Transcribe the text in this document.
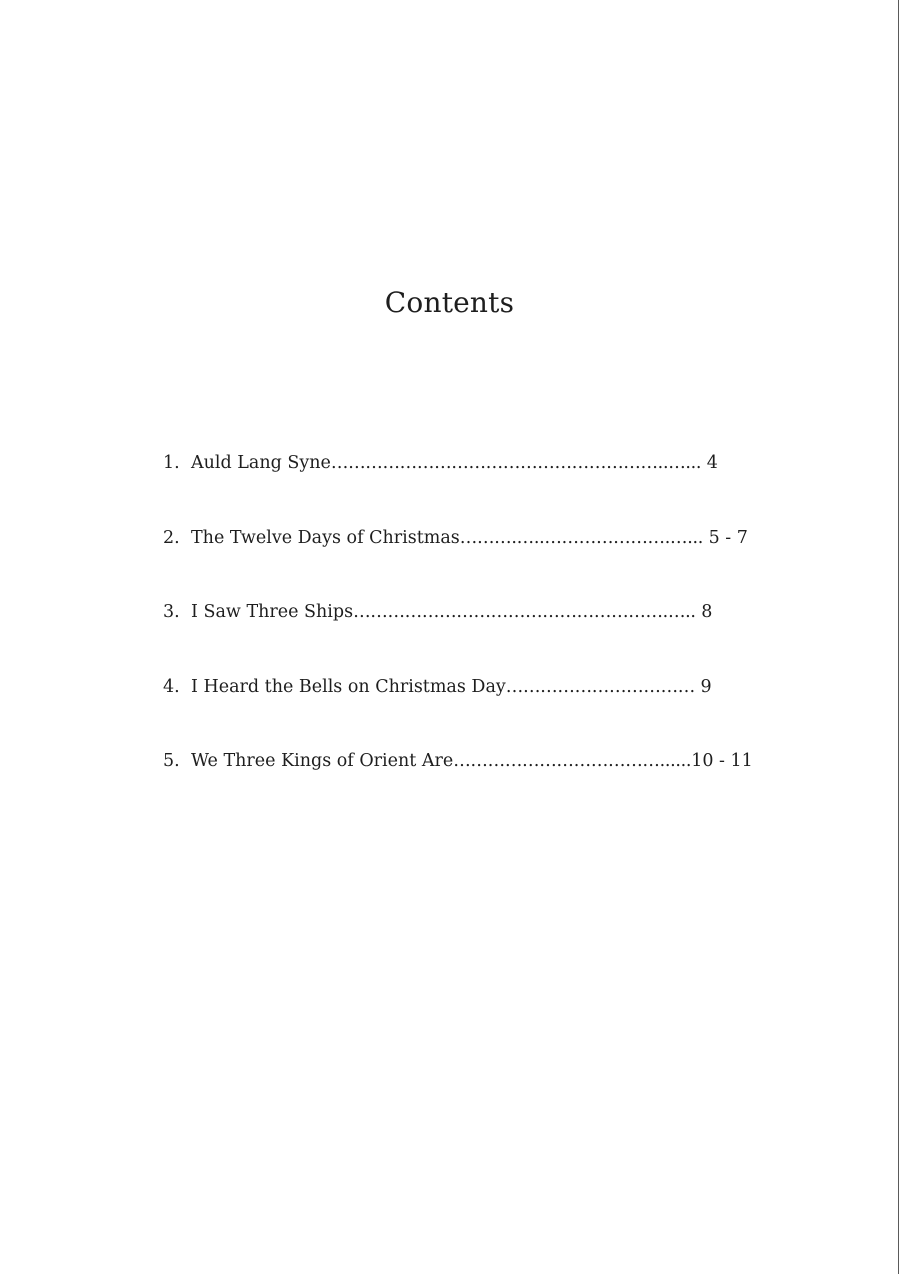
Contents
1. Auld Lang Syne…………………………………………………..…... 4
2. The Twelve Days of Christmas……….…..………………….…... 5 - 7
3. I Saw Three Ships……………………………………………….….. 8
4. I Heard the Bells on Christmas Day…………………………… 9
5. We Three Kings of Orient Are………………………………......10 - 11
